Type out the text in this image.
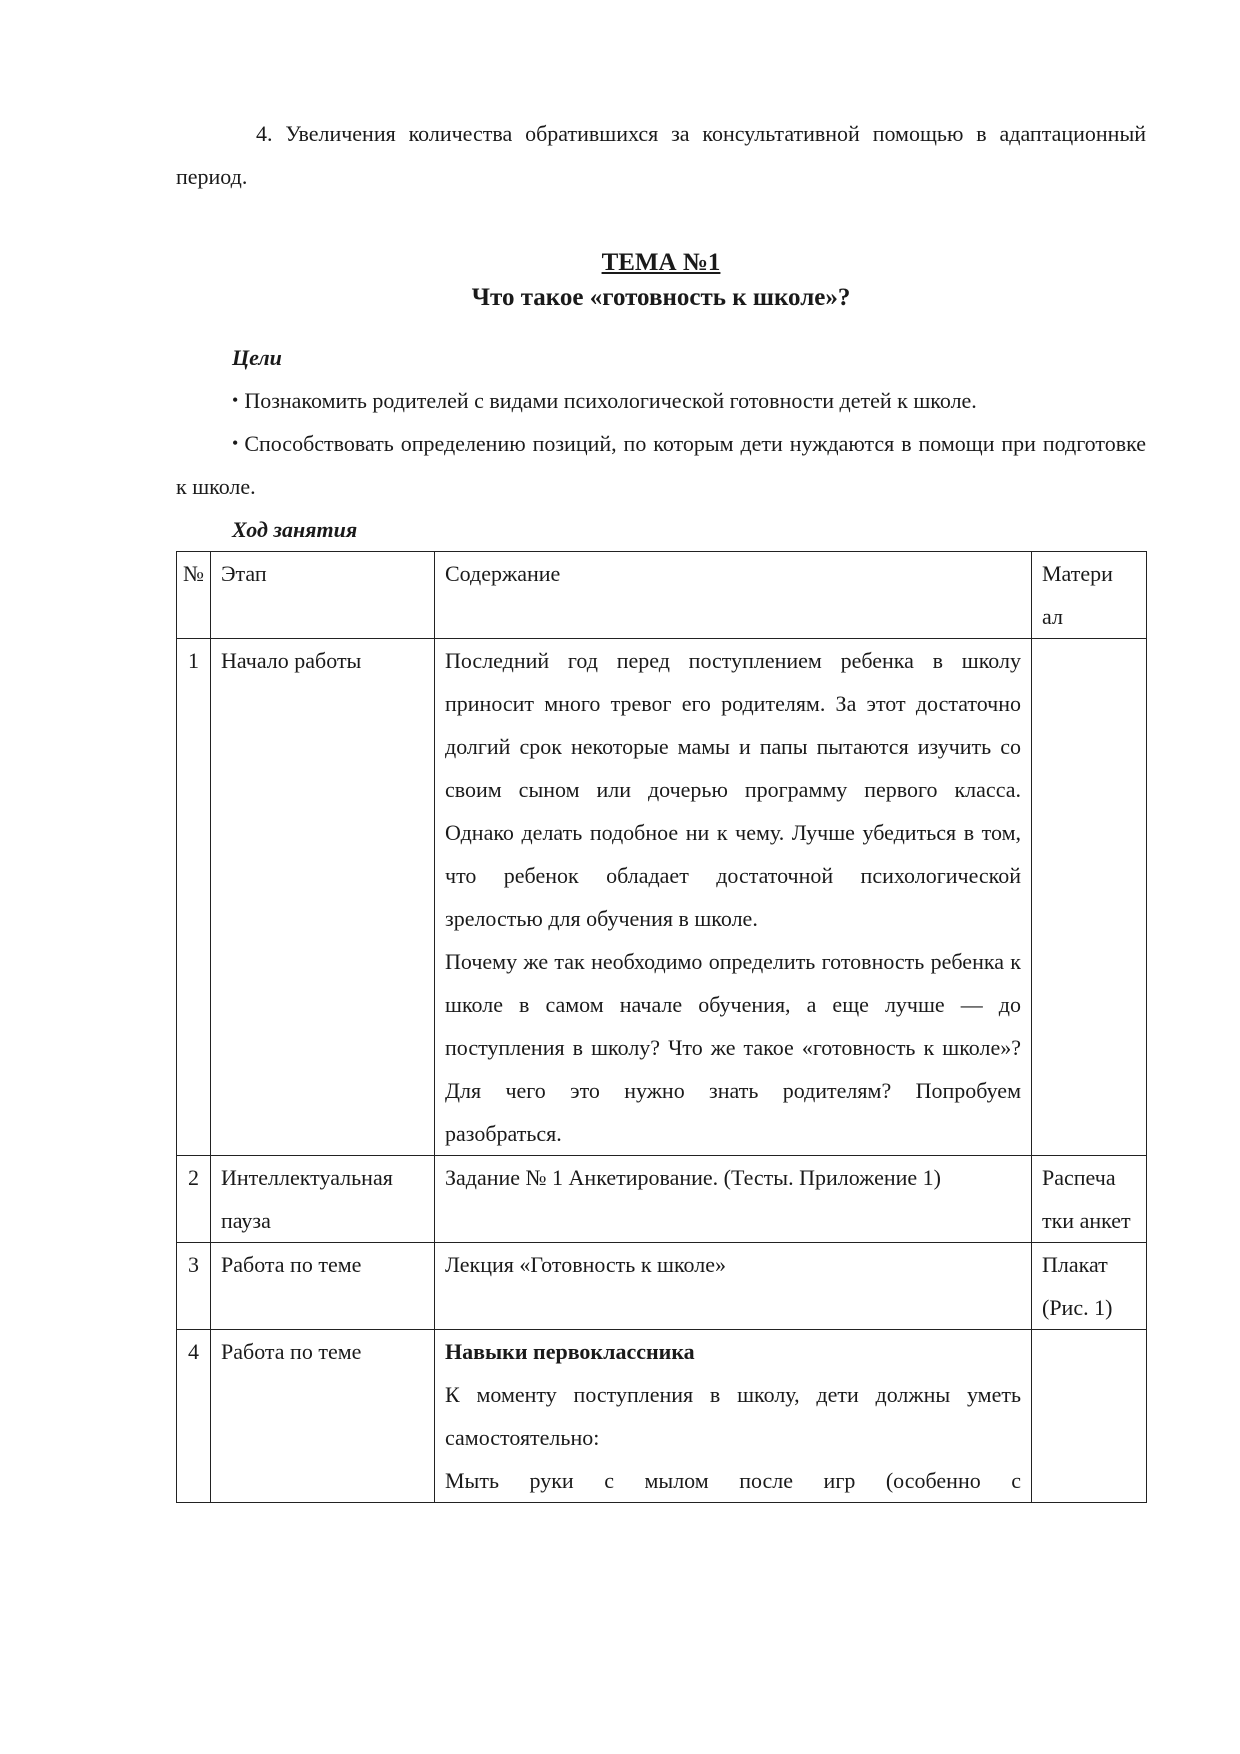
4. Увеличения количества обратившихся за консультативной помощью в адаптационный период.

ТЕМА №1
Что такое «готовность к школе»?

Цели

• Познакомить родителей с видами психологической готовности детей к школе.

• Способствовать определению позиций, по которым дети нуждаются в помощи при подготовке к школе.

Ход занятия

№	Этап	Содержание	Матери ал
1	Начало работы	Последний год перед поступлением ребенка в школу приносит много тревог его родителям. За этот достаточно долгий срок некоторые мамы и папы пытаются изучить со своим сыном или дочерью программу первого класса. Однако делать подобное ни к чему. Лучше убедиться в том, что ребенок обладает достаточной психологической зрелостью для обучения в школе.

Почему же так необходимо определить готовность ребенка к школе в самом начале обучения, а еще лучше — до поступления в школу? Что же такое «готовность к школе»? Для чего это нужно знать родителям? Попробуем разобраться.	

2	Интеллектуальная пауза	Задание № 1 Анкетирование. (Тесты. Приложение 1)	Распеча тки анкет
3	Работа по теме	Лекция «Готовность к школе»	Плакат (Рис. 1)
4	Работа по теме	Навыки первоклассника

К моменту поступления в школу, дети должны уметь самостоятельно:

Мыть руки с мылом после игр (особенно с	
